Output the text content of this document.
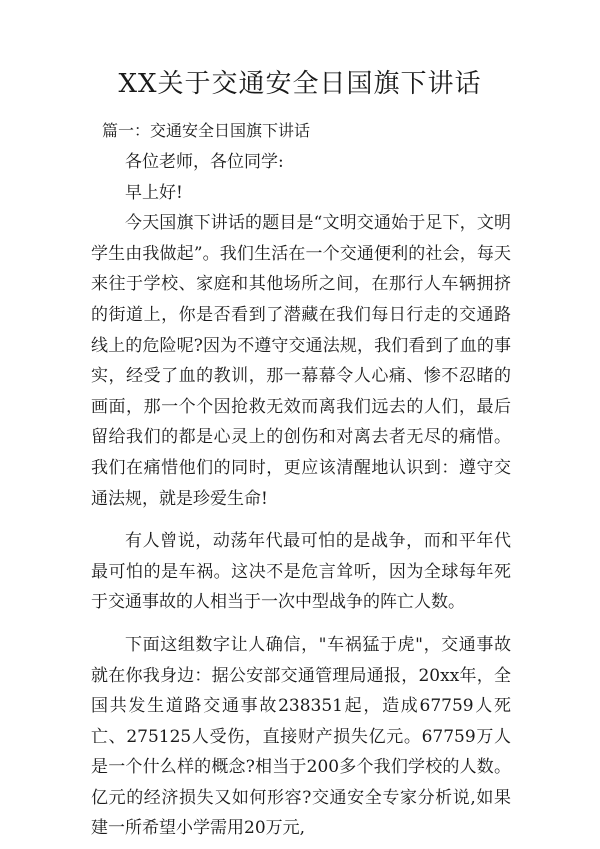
XX关于交通安全日国旗下讲话
篇一：交通安全日国旗下讲话

各位老师，各位同学:

早上好!

今天国旗下讲话的题目是“文明交通始于足下，文明学生由我做起”。我们生活在一个交通便利的社会，每天来往于学校、家庭和其他场所之间，在那行人车辆拥挤的街道上，你是否看到了潜藏在我们每日行走的交通路线上的危险呢?因为不遵守交通法规，我们看到了血的事实，经受了血的教训，那一幕幕令人心痛、惨不忍睹的画面，那一个个因抢救无效而离我们远去的人们，最后留给我们的都是心灵上的创伤和对离去者无尽的痛惜。我们在痛惜他们的同时，更应该清醒地认识到：遵守交通法规，就是珍爱生命!

有人曾说，动荡年代最可怕的是战争，而和平年代最可怕的是车祸。这决不是危言耸听，因为全球每年死于交通事故的人相当于一次中型战争的阵亡人数。

下面这组数字让人确信，"车祸猛于虎"，交通事故就在你我身边：据公安部交通管理局通报，20xx年，全国共发生道路交通事故238351起，造成67759人死亡、275125人受伤，直接财产损失亿元。67759万人是一个什么样的概念?相当于200多个我们学校的人数。亿元的经济损失又如何形容?交通安全专家分析说,如果建一所希望小学需用20万元,
